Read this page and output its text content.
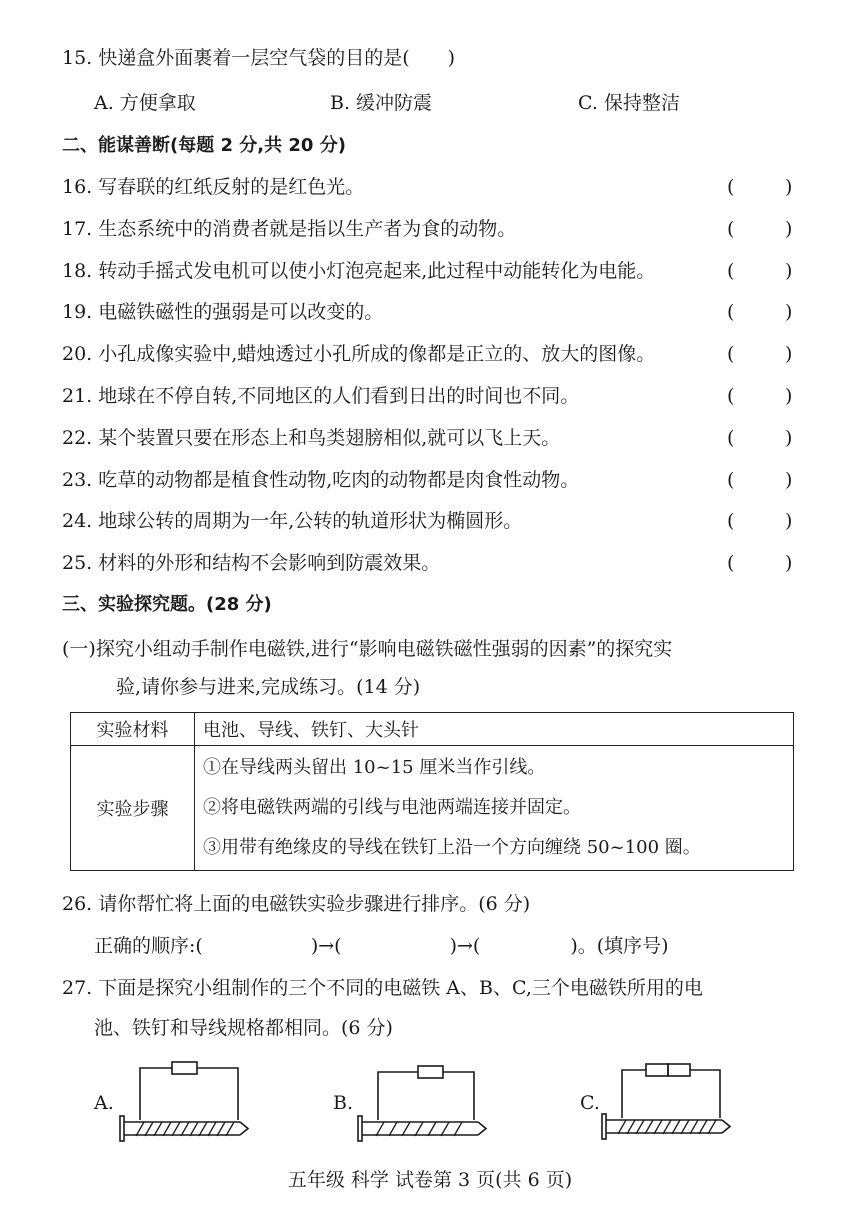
15. 快递盒外面裹着一层空气袋的目的是(　　)
A. 方便拿取	B. 缓冲防震	C. 保持整洁
二、能谋善断(每题 2 分,共 20 分)
16. 写春联的红纸反射的是红色光。	(	)
17. 生态系统中的消费者就是指以生产者为食的动物。	(	)
18. 转动手摇式发电机可以使小灯泡亮起来,此过程中动能转化为电能。	(	)
19. 电磁铁磁性的强弱是可以改变的。	(	)
20. 小孔成像实验中,蜡烛透过小孔所成的像都是正立的、放大的图像。	(	)
21. 地球在不停自转,不同地区的人们看到日出的时间也不同。	(	)
22. 某个装置只要在形态上和鸟类翅膀相似,就可以飞上天。	(	)
23. 吃草的动物都是植食性动物,吃肉的动物都是肉食性动物。	(	)
24. 地球公转的周期为一年,公转的轨道形状为椭圆形。	(	)
25. 材料的外形和结构不会影响到防震效果。	(	)
三、实验探究题。(28 分)
(一)探究小组动手制作电磁铁,进行“影响电磁铁磁性强弱的因素”的探究实
验,请你参与进来,完成练习。(14 分)
实验材料	电池、导线、铁钉、大头针
实验步骤	①在导线两头留出 10~15 厘米当作引线。
②将电磁铁两端的引线与电池两端连接并固定。
③用带有绝缘皮的导线在铁钉上沿一个方向缠绕 50~100 圈。
26. 请你帮忙将上面的电磁铁实验步骤进行排序。(6 分)
正确的顺序:(	)→(	)→(	)。(填序号)
27. 下面是探究小组制作的三个不同的电磁铁 A、B、C,三个电磁铁所用的电
池、铁钉和导线规格都相同。(6 分)
A.	B.	C.
五年级 科学 试卷第 3 页(共 6 页)
